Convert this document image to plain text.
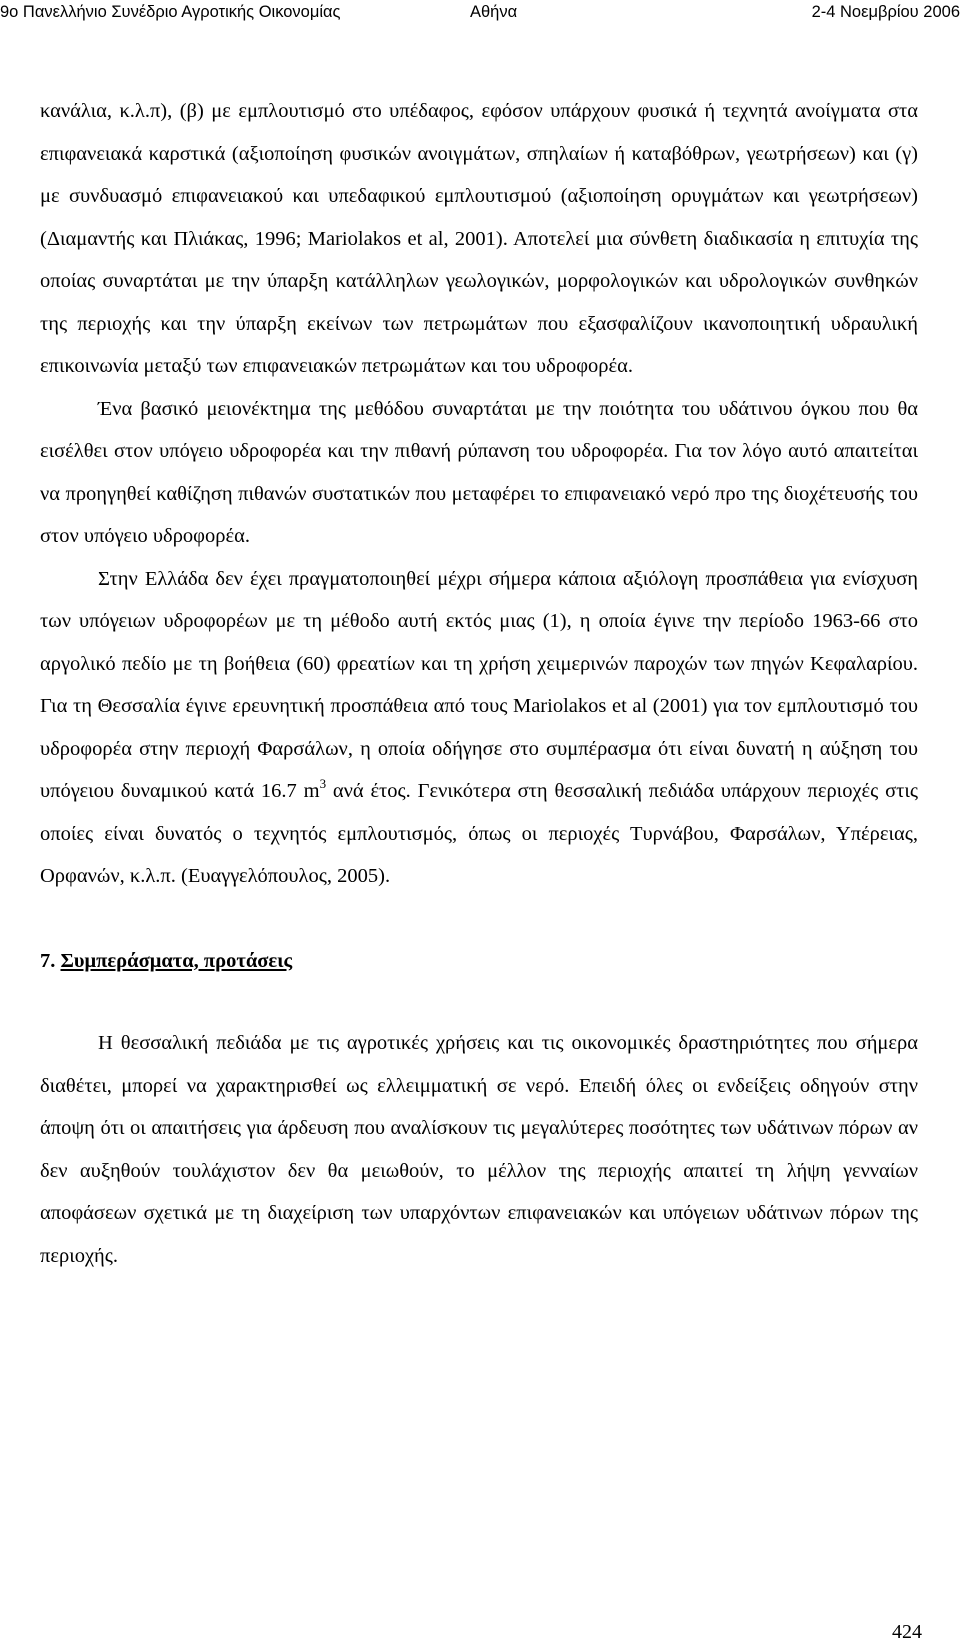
9ο Πανελλήνιο Συνέδριο Αγροτικής Οικονομίας	Αθήνα	2-4 Νοεμβρίου 2006

κανάλια, κ.λ.π), (β) με εμπλουτισμό στο υπέδαφος, εφόσον υπάρχουν φυσικά ή τεχνητά ανοίγματα στα επιφανειακά καρστικά (αξιοποίηση φυσικών ανοιγμάτων, σπηλαίων ή καταβόθρων, γεωτρήσεων) και (γ) με συνδυασμό επιφανειακού και υπεδαφικού εμπλουτισμού (αξιοποίηση ορυγμάτων και γεωτρήσεων) (Διαμαντής και Πλιάκας, 1996; Mariolakos et al, 2001). Αποτελεί μια σύνθετη διαδικασία η επιτυχία της οποίας συναρτάται με την ύπαρξη κατάλληλων γεωλογικών, μορφολογικών και υδρολογικών συνθηκών της περιοχής και την ύπαρξη εκείνων των πετρωμάτων που εξασφαλίζουν ικανοποιητική υδραυλική επικοινωνία μεταξύ των επιφανειακών πετρωμάτων και του υδροφορέα.

Ένα βασικό μειονέκτημα της μεθόδου συναρτάται με την ποιότητα του υδάτινου όγκου που θα εισέλθει στον υπόγειο υδροφορέα και την πιθανή ρύπανση του υδροφορέα. Για τον λόγο αυτό απαιτείται να προηγηθεί καθίζηση πιθανών συστατικών που μεταφέρει το επιφανειακό νερό προ της διοχέτευσής του στον υπόγειο υδροφορέα.

Στην Ελλάδα δεν έχει πραγματοποιηθεί μέχρι σήμερα κάποια αξιόλογη προσπάθεια για ενίσχυση των υπόγειων υδροφορέων με τη μέθοδο αυτή εκτός μιας (1), η οποία έγινε την περίοδο 1963-66 στο αργολικό πεδίο με τη βοήθεια (60) φρεατίων και τη χρήση χειμερινών παροχών των πηγών Κεφαλαρίου. Για τη Θεσσαλία έγινε ερευνητική προσπάθεια από τους Mariolakos et al (2001) για τον εμπλουτισμό του υδροφορέα στην περιοχή Φαρσάλων, η οποία οδήγησε στο συμπέρασμα ότι είναι δυνατή η αύξηση του υπόγειου δυναμικού κατά 16.7 $m^3$ ανά έτος. Γενικότερα στη θεσσαλική πεδιάδα υπάρχουν περιοχές στις οποίες είναι δυνατός ο τεχνητός εμπλουτισμός, όπως οι περιοχές Τυρνάβου, Φαρσάλων, Υπέρειας, Ορφανών, κ.λ.π. (Ευαγγελόπουλος, 2005).

7. Συμπεράσματα, προτάσεις

Η θεσσαλική πεδιάδα με τις αγροτικές χρήσεις και τις οικονομικές δραστηριότητες που σήμερα διαθέτει, μπορεί να χαρακτηρισθεί ως ελλειμματική σε νερό. Επειδή όλες οι ενδείξεις οδηγούν στην άποψη ότι οι απαιτήσεις για άρδευση που αναλίσκουν τις μεγαλύτερες ποσότητες των υδάτινων πόρων αν δεν αυξηθούν τουλάχιστον δεν θα μειωθούν, το μέλλον της περιοχής απαιτεί τη λήψη γενναίων αποφάσεων σχετικά με τη διαχείριση των υπαρχόντων επιφανειακών και υπόγειων υδάτινων πόρων της περιοχής.

424
